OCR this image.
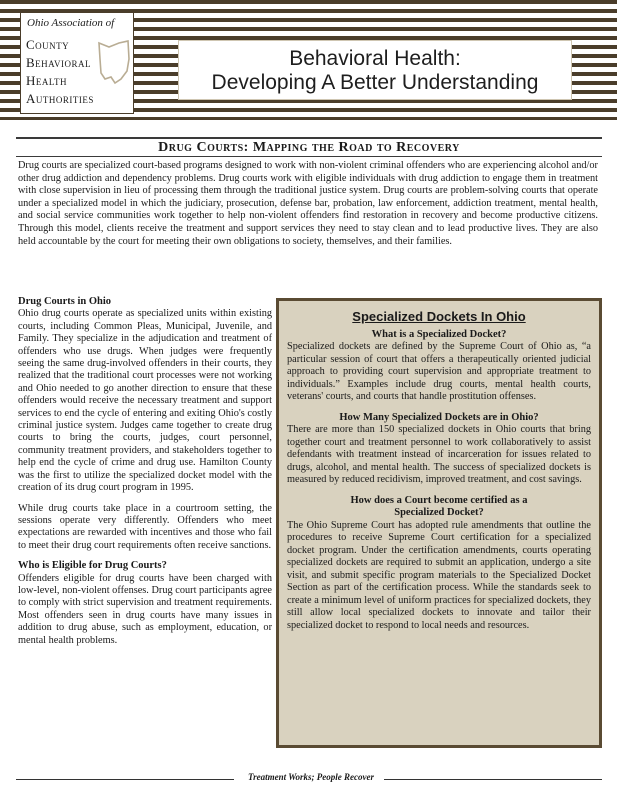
Ohio Association of
County
Behavioral
Health
Authorities
Behavioral Health:
Developing A Better Understanding
Drug Courts: Mapping the Road to Recovery
Drug courts are specialized court-based programs designed to work with non-violent criminal offenders who are experiencing alcohol and/or other drug addiction and dependency problems. Drug courts work with eligible individuals with drug addiction to engage them in treatment with close supervision in lieu of processing them through the traditional justice system. Drug courts are problem-solving courts that operate under a specialized model in which the judiciary, prosecution, defense bar, probation, law enforcement, addiction treatment, mental health, and social service communities work together to help non-violent offenders find restoration in recovery and become productive citizens. Through this model, clients receive the treatment and support services they need to stay clean and to lead productive lives. They are also held accountable by the court for meeting their own obligations to society, themselves, and their families.
Drug Courts in Ohio

Ohio drug courts operate as specialized units within existing courts, including Common Pleas, Municipal, Juvenile, and Family. They specialize in the adjudication and treatment of offenders who use drugs. When judges were frequently seeing the same drug-involved offenders in their courts, they realized that the traditional court processes were not working and Ohio needed to go another direction to ensure that these offenders would receive the necessary treatment and support services to end the cycle of entering and exiting Ohio's costly criminal justice system. Judges came together to create drug courts to bring the courts, judges, court personnel, community treatment providers, and stakeholders together to help end the cycle of crime and drug use. Hamilton County was the first to utilize the specialized docket model with the creation of its drug court program in 1995.

While drug courts take place in a courtroom setting, the sessions operate very differently. Offenders who meet expectations are rewarded with incentives and those who fail to meet their drug court requirements often receive sanctions.

Who is Eligible for Drug Courts?

Offenders eligible for drug courts have been charged with low-level, non-violent offenses. Drug court participants agree to comply with strict supervision and treatment requirements. Most offenders seen in drug courts have many issues in addition to drug abuse, such as employment, education, or mental health problems.

Specialized Dockets In Ohio
What is a Specialized Docket?

Specialized dockets are defined by the Supreme Court of Ohio as, “a particular session of court that offers a therapeutically oriented judicial approach to providing court supervision and appropriate treatment to individuals.” Examples include drug courts, mental health courts, veterans' courts, and courts that handle prostitution offenses.

How Many Specialized Dockets are in Ohio?

There are more than 150 specialized dockets in Ohio courts that bring together court and treatment personnel to work collaboratively to assist defendants with treatment instead of incarceration for issues related to drugs, alcohol, and mental health. The success of specialized dockets is measured by reduced recidivism, improved treatment, and cost savings.

How does a Court become certified as a Specialized Docket?

The Ohio Supreme Court has adopted rule amendments that outline the procedures to receive Supreme Court certification for a specialized docket program. Under the certification amendments, courts operating specialized dockets are required to submit an application, undergo a site visit, and submit specific program materials to the Specialized Docket Section as part of the certification process. While the standards seek to create a minimum level of uniform practices for specialized dockets, they still allow local specialized dockets to innovate and tailor their specialized docket to respond to local needs and resources.

Treatment Works; People Recover
